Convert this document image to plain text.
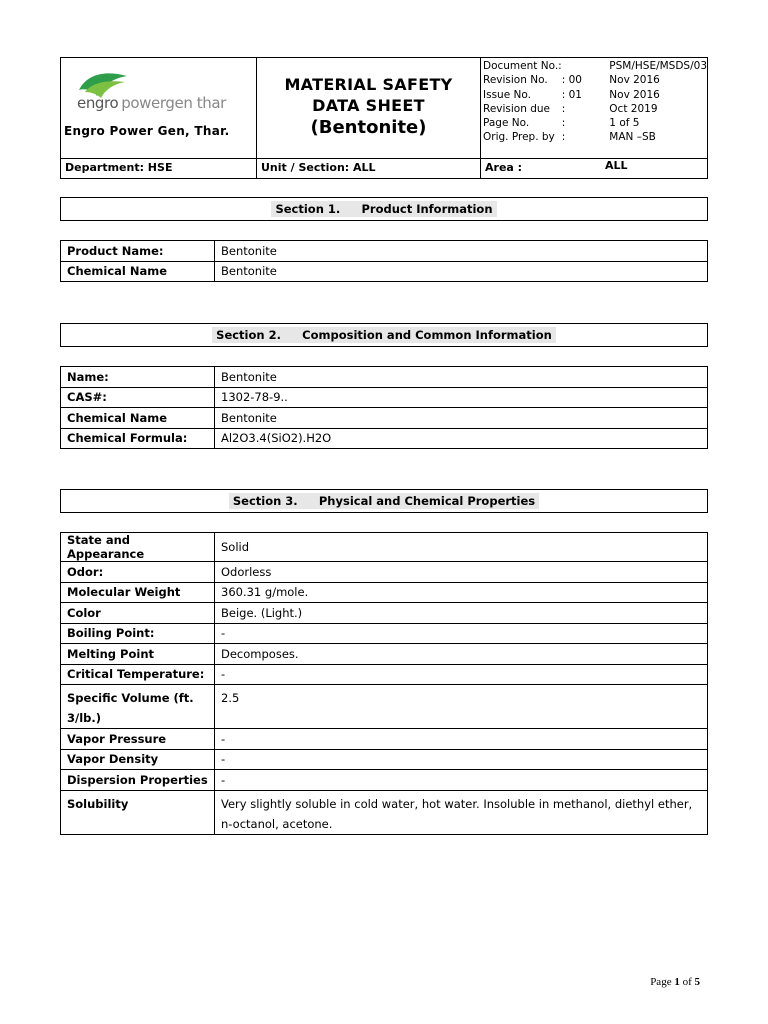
engro powergen thar
Engro Power Gen, Thar.
MATERIAL SAFETY
DATA SHEET
(Bentonite)
Document No.:		PSM/HSE/MSDS/03
Revision No.	: 00	Nov 2016
Issue No.	: 01	Nov 2016
Revision due	:	Oct 2019
Page No.	:	1 of 5
Orig. Prep. by	:	MAN –SB
Department: HSE	Unit / Section: ALL	Area :	ALL
Section 1. Product Information
Product Name:	Bentonite
Chemical Name	Bentonite
Section 2. Composition and Common Information
Name:	Bentonite
CAS#:	1302-78-9..
Chemical Name	Bentonite
Chemical Formula:	Al2O3.4(SiO2).H2O
Section 3. Physical and Chemical Properties
State and Appearance	Solid
Odor:	Odorless
Molecular Weight	360.31 g/mole.
Color	Beige. (Light.)
Boiling Point:	-
Melting Point	Decomposes.
Critical Temperature:	-
Specific Volume (ft. 3/lb.)	2.5
Vapor Pressure	-
Vapor Density	-
Dispersion Properties	-
Solubility	Very slightly soluble in cold water, hot water. Insoluble in methanol, diethyl ether, n-octanol, acetone.
Page 1 of 5
